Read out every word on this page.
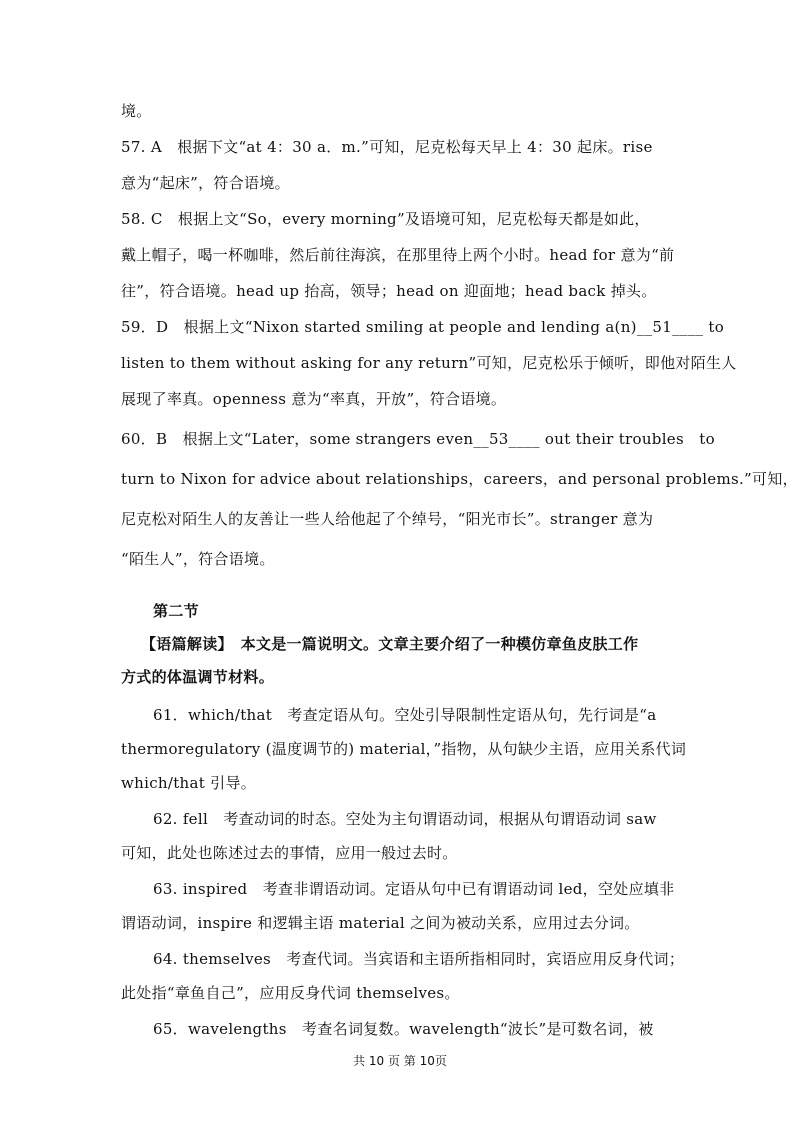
境。
57. A　根据下文“at 4：30 a．m.”可知，尼克松每天早上 4：30 起床。rise
意为“起床”，符合语境。
58. C　根据上文“So，every morning”及语境可知，尼克松每天都是如此，
戴上帽子，喝一杯咖啡，然后前往海滨，在那里待上两个小时。head for 意为“前
往”，符合语境。head up 抬高，领导；head on 迎面地；head back 掉头。
59．D　根据上文“Nixon started smiling at people and lending a(n)__51____ to
listen to them without asking for any return”可知，尼克松乐于倾听，即他对陌生人
展现了率真。openness 意为“率真，开放”，符合语境。
60．B　根据上文“Later，some strangers even__53____ out their troubles　to
turn to Nixon for advice about relationships，careers，and personal problems.”可知，
尼克松对陌生人的友善让一些人给他起了个绰号，“阳光市长”。stranger 意为
“陌生人”，符合语境。
第二节
【语篇解读】　本文是一篇说明文。文章主要介绍了一种模仿章鱼皮肤工作
方式的体温调节材料。
61．which/that　考查定语从句。空处引导限制性定语从句，先行词是“a
thermoregulatory (温度调节的) material，”指物，从句缺少主语，应用关系代词
which/that 引导。
62. fell　考查动词的时态。空处为主句谓语动词，根据从句谓语动词 saw
可知，此处也陈述过去的事情，应用一般过去时。
63. inspired　考查非谓语动词。定语从句中已有谓语动词 led，空处应填非
谓语动词，inspire 和逻辑主语 material 之间为被动关系，应用过去分词。
64. themselves　考查代词。当宾语和主语所指相同时，宾语应用反身代词；
此处指“章鱼自己”，应用反身代词 themselves。
65．wavelengths　考查名词复数。wavelength“波长”是可数名词，被
共 10 页 第 10页
